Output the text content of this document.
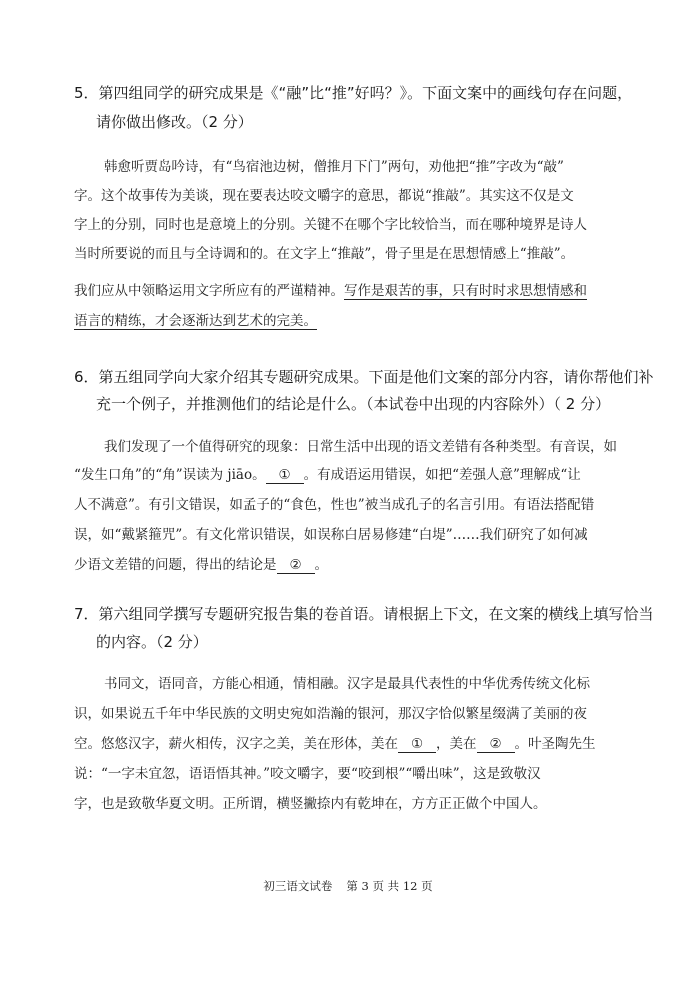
5．第四组同学的研究成果是《“融”比“推”好吗？》。下面文案中的画线句存在问题，
请你做出修改。（2 分）
韩愈听贾岛吟诗，有“鸟宿池边树，僧推月下门”两句，劝他把“推”字改为“敲”
字。这个故事传为美谈，现在要表达咬文嚼字的意思，都说“推敲”。其实这不仅是文
字上的分别，同时也是意境上的分别。关键不在哪个字比较恰当，而在哪种境界是诗人
当时所要说的而且与全诗调和的。在文字上“推敲”，骨子里是在思想情感上“推敲”。
我们应从中领略运用文字所应有的严谨精神。写作是艰苦的事，只有时时求思想情感和
语言的精练，才会逐渐达到艺术的完美。
6．第五组同学向大家介绍其专题研究成果。下面是他们文案的部分内容，请你帮他们补
充一个例子，并推测他们的结论是什么。（本试卷中出现的内容除外）（ 2 分）
我们发现了一个值得研究的现象：日常生活中出现的语文差错有各种类型。有音误，如
“发生口角”的“角”误读为 jiāo。 ① 。有成语运用错误，如把“差强人意”理解成“让
人不满意”。有引文错误，如孟子的“食色，性也”被当成孔子的名言引用。有语法搭配错
误，如“戴紧箍咒”。有文化常识错误，如误称白居易修建“白堤”……我们研究了如何减
少语文差错的问题，得出的结论是 ② 。
7．第六组同学撰写专题研究报告集的卷首语。请根据上下文，在文案的横线上填写恰当
的内容。（2 分）
书同文，语同音，方能心相通，情相融。汉字是最具代表性的中华优秀传统文化标
识，如果说五千年中华民族的文明史宛如浩瀚的银河，那汉字恰似繁星缀满了美丽的夜
空。悠悠汉字，薪火相传，汉字之美，美在形体，美在 ① ，美在 ② 。叶圣陶先生
说：“一字未宜忽，语语悟其神。”咬文嚼字，要“咬到根”“嚼出味”，这是致敬汉
字，也是致敬华夏文明。正所谓，横竖撇捺内有乾坤在，方方正正做个中国人。
初三语文试卷 第 3 页 共 12 页
